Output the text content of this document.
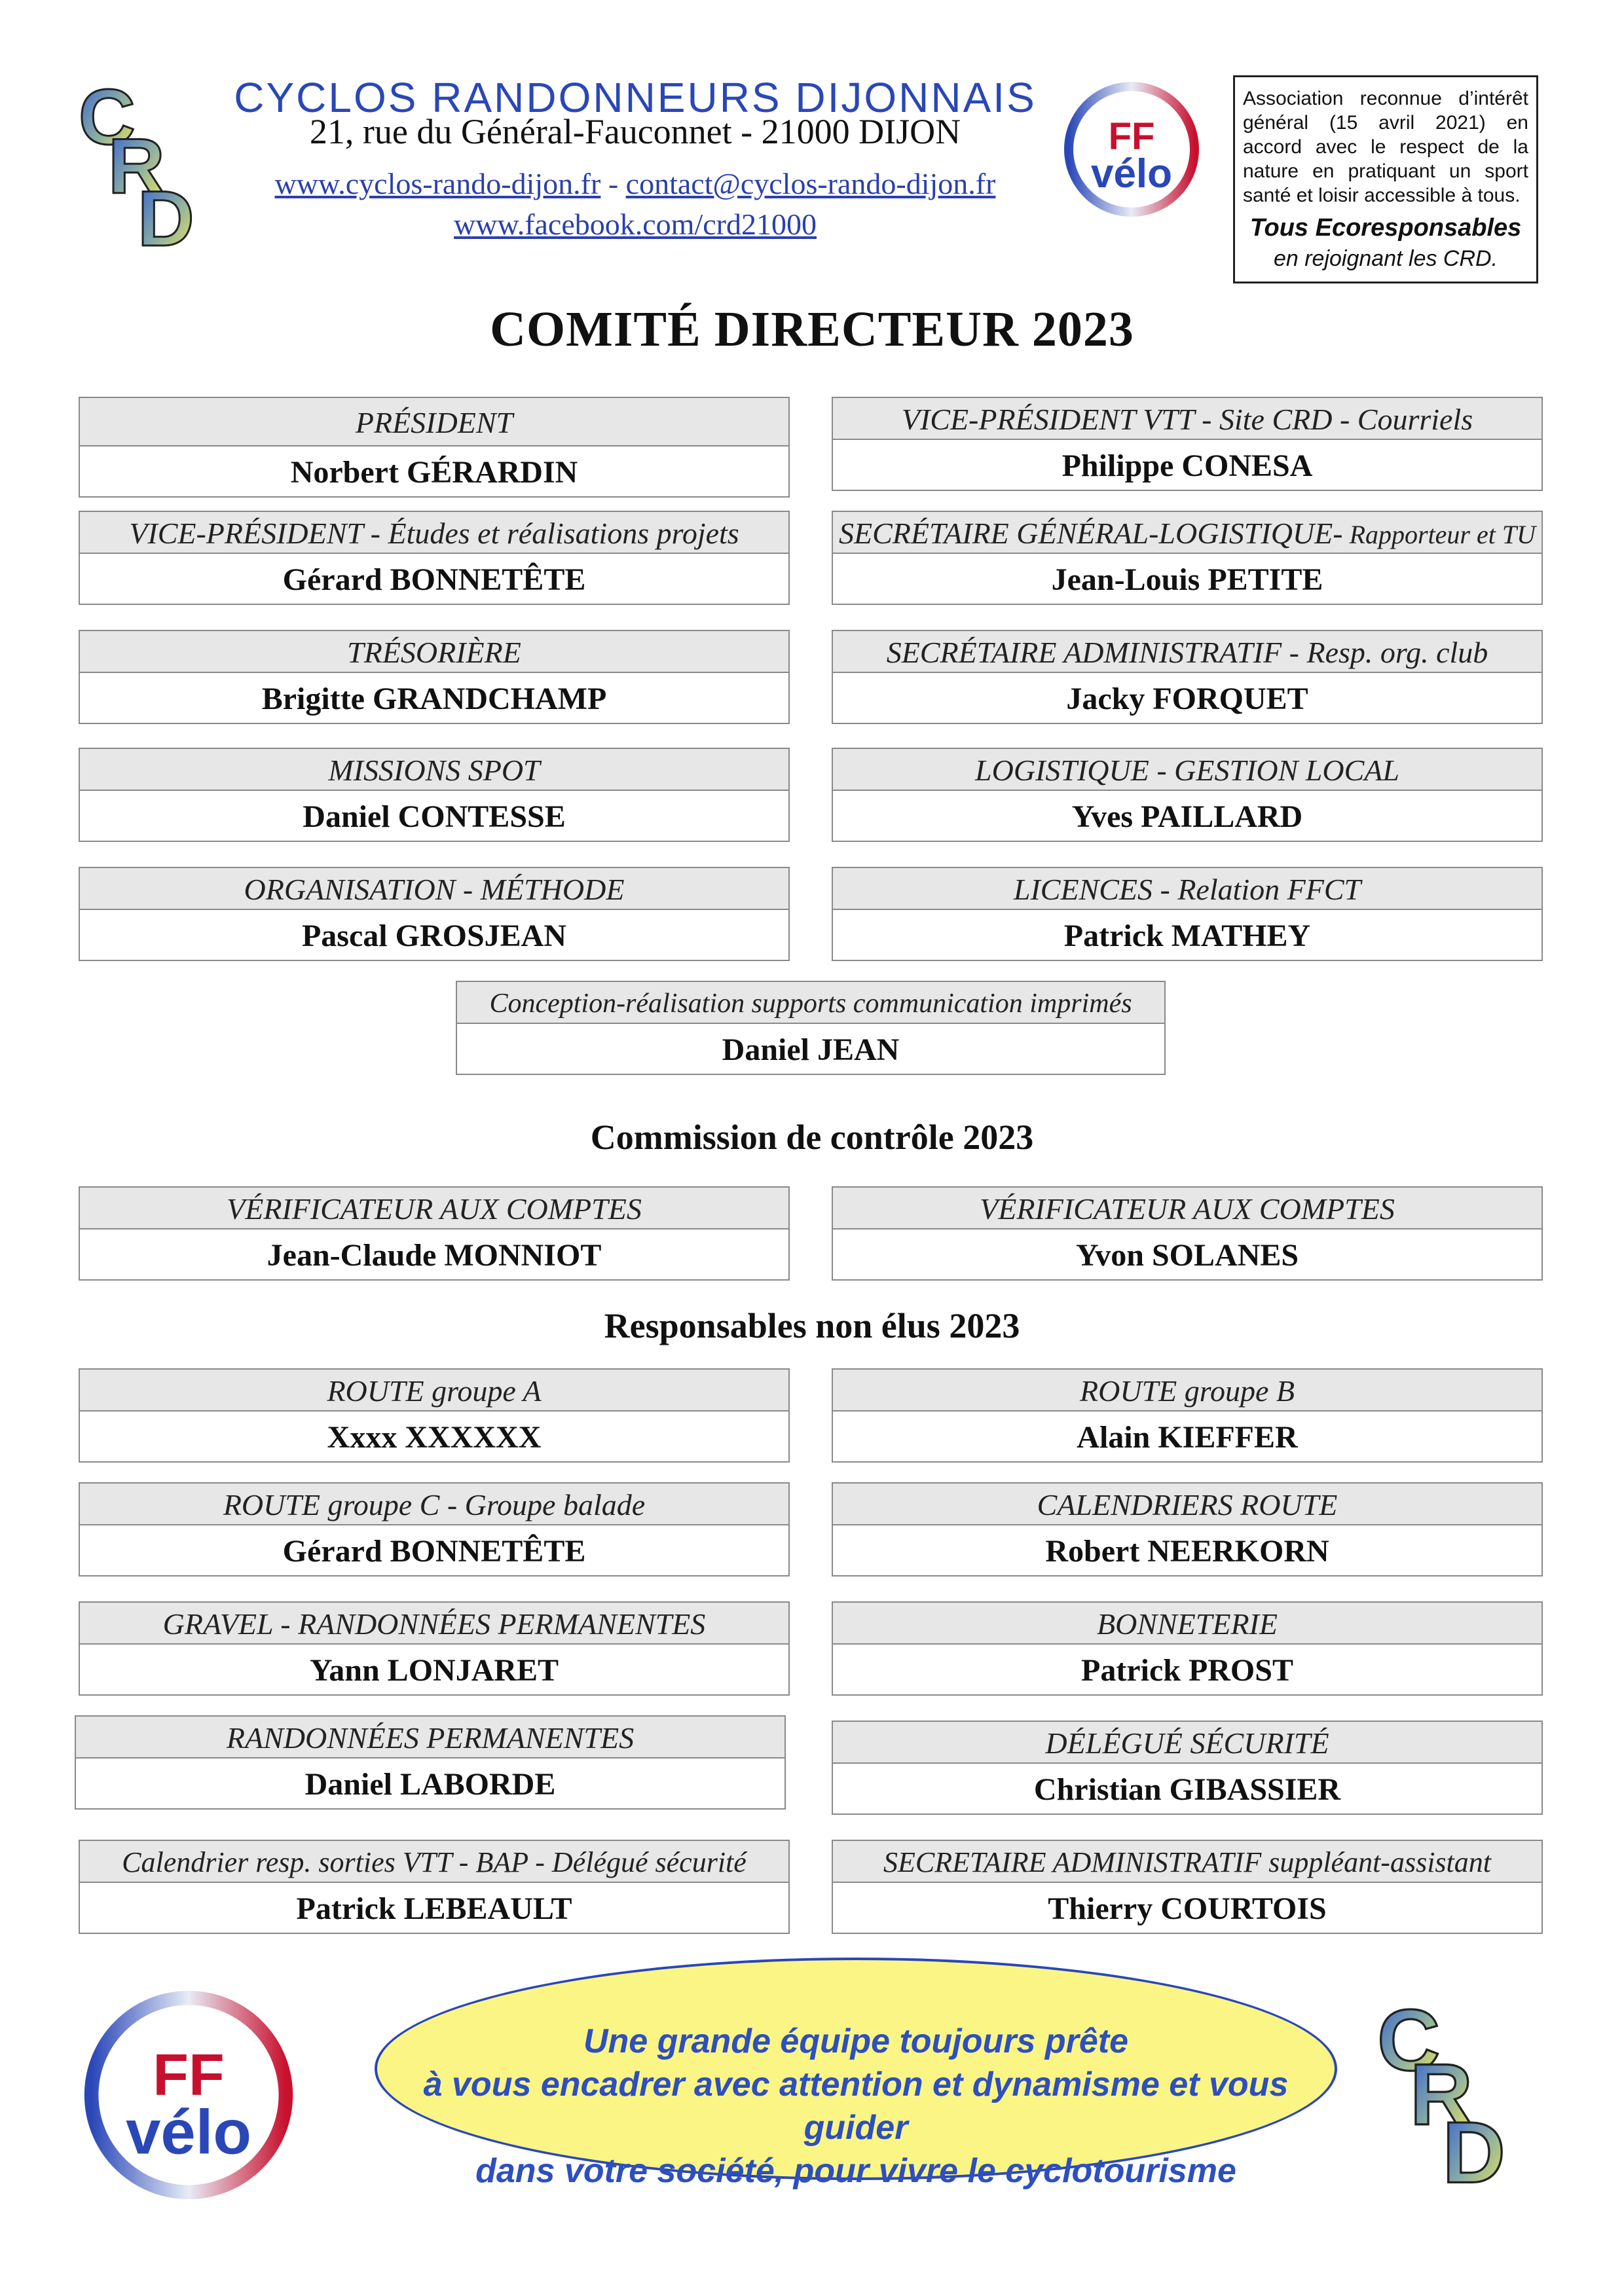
C
R
D
CYCLOS RANDONNEURS DIJONNAIS
21, rue du Général-Fauconnet - 21000 DIJON
www.cyclos-rando-dijon.fr - contact@cyclos-rando-dijon.fr
www.facebook.com/crd21000
FF
vélo

Association reconnue d’intérêt général (15 avril 2021) en accord avec le respect de la nature en pratiquant un sport santé et loisir accessible à tous.

Tous Ecoresponsables
en rejoignant les CRD.
COMITÉ DIRECTEUR 2023
PRÉSIDENT
Norbert GÉRARDIN
VICE-PRÉSIDENT VTT - Site CRD - Courriels
Philippe CONESA
VICE-PRÉSIDENT - Études et réalisations projets
Gérard BONNETÊTE
SECRÉTAIRE GÉNÉRAL-LOGISTIQUE- Rapporteur et TU
Jean-Louis PETITE
TRÉSORIÈRE
Brigitte GRANDCHAMP
SECRÉTAIRE ADMINISTRATIF - Resp. org. club
Jacky FORQUET
MISSIONS SPOT
Daniel CONTESSE
LOGISTIQUE - GESTION LOCAL
Yves PAILLARD
ORGANISATION - MÉTHODE
Pascal GROSJEAN
LICENCES - Relation FFCT
Patrick MATHEY
Conception-réalisation supports communication imprimés
Daniel JEAN
Commission de contrôle 2023
VÉRIFICATEUR AUX COMPTES
Jean-Claude MONNIOT
VÉRIFICATEUR AUX COMPTES
Yvon SOLANES
Responsables non élus 2023
ROUTE groupe A
Xxxx XXXXXX
ROUTE groupe B
Alain KIEFFER
ROUTE groupe C - Groupe balade
Gérard BONNETÊTE
CALENDRIERS ROUTE
Robert NEERKORN
GRAVEL - RANDONNÉES PERMANENTES
Yann LONJARET
BONNETERIE
Patrick PROST
RANDONNÉES PERMANENTES
Daniel LABORDE
DÉLÉGUÉ SÉCURITÉ
Christian GIBASSIER
Calendrier resp. sorties VTT - BAP - Délégué sécurité
Patrick LEBEAULT
SECRETAIRE ADMINISTRATIF suppléant-assistant
Thierry COURTOIS
FF
vélo
Une grande équipe toujours prête
à vous encadrer avec attention et dynamisme et vous guider
dans votre société, pour vivre le cyclotourisme
C
R
D
